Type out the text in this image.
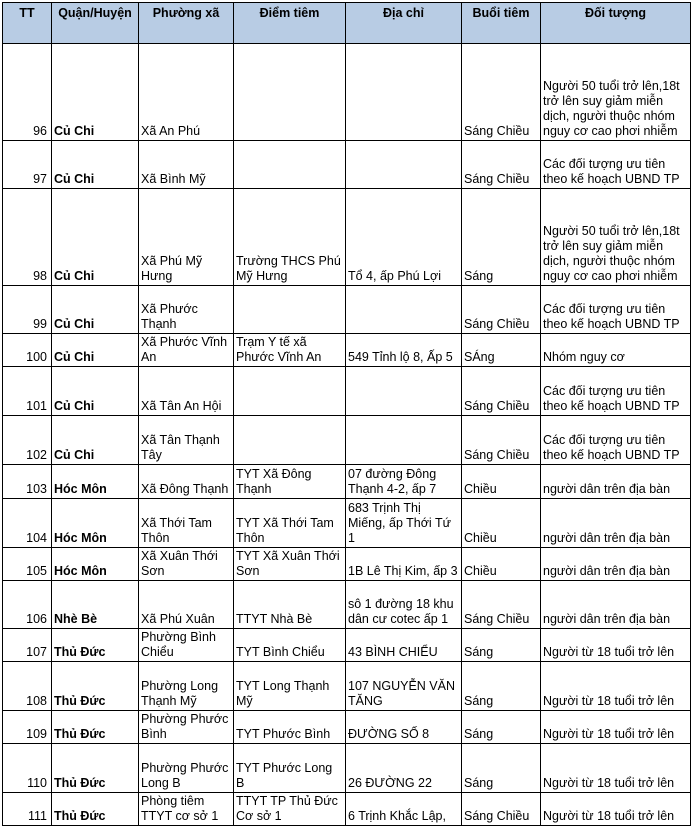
TT	Quận/Huyện	Phường xã	Điểm tiêm	Địa chỉ	Buổi tiêm	Đối tượng
96	Củ Chi	Xã An Phú			Sáng Chiều	Người 50 tuổi trở lên,18t trở lên suy giảm miễn dịch, người thuộc nhóm nguy cơ cao phơi nhiễm
97	Củ Chi	Xã Bình Mỹ			Sáng Chiều	Các đối tượng ưu tiên theo kế hoạch UBND TP
98	Củ Chi	Xã Phú Mỹ Hưng	Trường THCS Phú Mỹ Hưng	Tổ 4, ấp Phú Lợi	Sáng	Người 50 tuổi trở lên,18t trở lên suy giảm miễn dịch, người thuộc nhóm nguy cơ cao phơi nhiễm
99	Củ Chi	Xã Phước Thạnh			Sáng Chiều	Các đối tượng ưu tiên theo kế hoạch UBND TP
100	Củ Chi	Xã Phước Vĩnh An	Trạm Y tế xã Phước Vĩnh An	549 Tỉnh lộ 8, Ấp 5	SÁng	Nhóm nguy cơ
101	Củ Chi	Xã Tân An Hội			Sáng Chiều	Các đối tượng ưu tiên theo kế hoạch UBND TP
102	Củ Chi	Xã Tân Thạnh Tây			Sáng Chiều	Các đối tượng ưu tiên theo kế hoạch UBND TP
103	Hóc Môn	Xã Đông Thạnh	TYT Xã Đông Thạnh	07 đường Đông Thạnh 4-2, ấp 7	Chiều	người dân trên địa bàn
104	Hóc Môn	Xã Thới Tam Thôn	TYT Xã Thới Tam Thôn	683 Trịnh Thị Miếng, ấp Thới Tứ 1	Chiều	người dân trên địa bàn
105	Hóc Môn	Xã Xuân Thới Sơn	TYT Xã Xuân Thới Sơn	1B Lê Thị Kim, ấp 3	Chiều	người dân trên địa bàn
106	Nhè Bè	Xã Phú Xuân	TTYT Nhà Bè	sô 1 đường 18 khu dân cư cotec ấp 1	Sáng Chiều	người dân trên địa bàn
107	Thủ Đức	Phường Bình Chiểu	TYT Bình Chiểu	43 BÌNH CHIỂU	Sáng	Người từ 18 tuổi trở lên
108	Thủ Đức	Phường Long Thạnh Mỹ	TYT Long Thạnh Mỹ	107 NGUYỄN VĂN TĂNG	Sáng	Người từ 18 tuổi trở lên
109	Thủ Đức	Phường Phước Bình	TYT Phước Bình	ĐƯỜNG SỐ 8	Sáng	Người từ 18 tuổi trở lên
110	Thủ Đức	Phường Phước Long B	TYT Phước Long B	26 ĐƯỜNG 22	Sáng	Người từ 18 tuổi trở lên
111	Thủ Đức	Phòng tiêm TTYT cơ sở 1	TTYT TP Thủ Đức Cơ sở 1	6 Trịnh Khắc Lập,	Sáng Chiều	Người từ 18 tuổi trở lên
